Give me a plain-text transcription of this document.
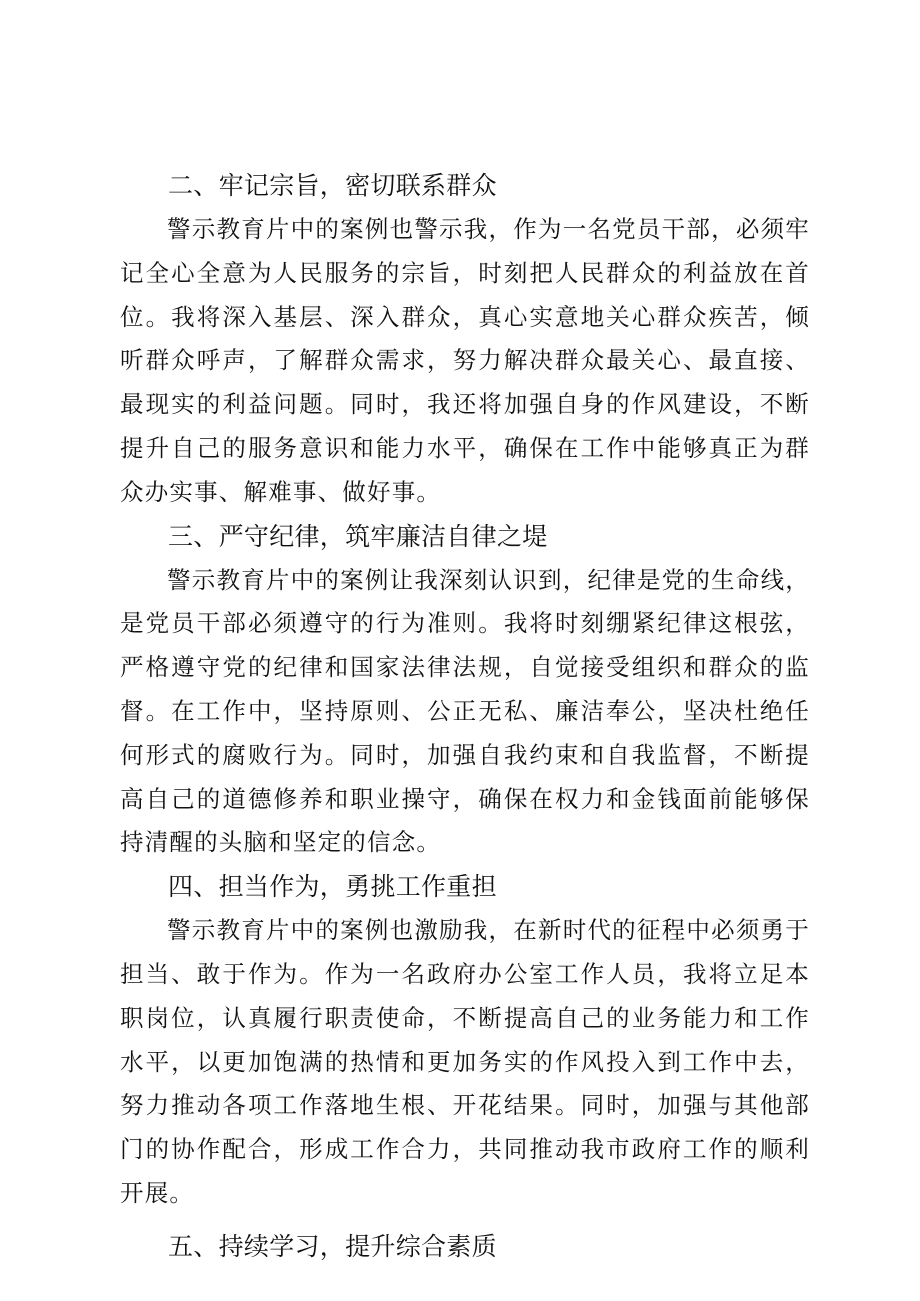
二、牢记宗旨，密切联系群众

警示教育片中的案例也警示我，作为一名党员干部，必须牢记全心全意为人民服务的宗旨，时刻把人民群众的利益放在首位。我将深入基层、深入群众，真心实意地关心群众疾苦，倾听群众呼声，了解群众需求，努力解决群众最关心、最直接、最现实的利益问题。同时，我还将加强自身的作风建设，不断提升自己的服务意识和能力水平，确保在工作中能够真正为群众办实事、解难事、做好事。

三、严守纪律，筑牢廉洁自律之堤

警示教育片中的案例让我深刻认识到，纪律是党的生命线，是党员干部必须遵守的行为准则。我将时刻绷紧纪律这根弦，严格遵守党的纪律和国家法律法规，自觉接受组织和群众的监督。在工作中，坚持原则、公正无私、廉洁奉公，坚决杜绝任何形式的腐败行为。同时，加强自我约束和自我监督，不断提高自己的道德修养和职业操守，确保在权力和金钱面前能够保持清醒的头脑和坚定的信念。

四、担当作为，勇挑工作重担

警示教育片中的案例也激励我，在新时代的征程中必须勇于担当、敢于作为。作为一名政府办公室工作人员，我将立足本职岗位，认真履行职责使命，不断提高自己的业务能力和工作水平，以更加饱满的热情和更加务实的作风投入到工作中去，努力推动各项工作落地生根、开花结果。同时，加强与其他部门的协作配合，形成工作合力，共同推动我市政府工作的顺利开展。

五、持续学习，提升综合素质
